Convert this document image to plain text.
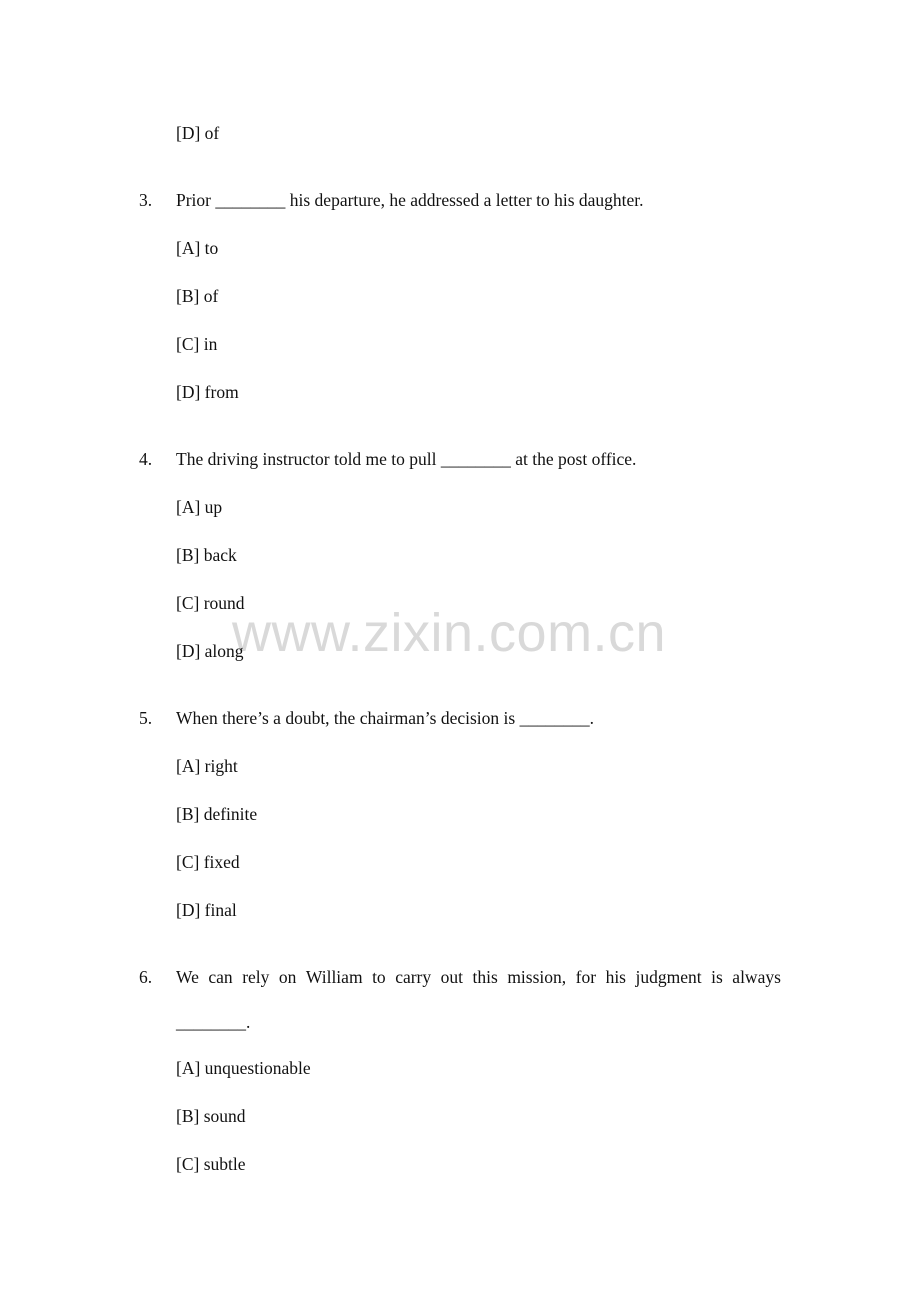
www.zixin.com.cn
[D] of
3. Prior ________ his departure, he addressed a letter to his daughter.
[A] to
[B] of
[C] in
[D] from
4. The driving instructor told me to pull ________ at the post office.
[A] up
[B] back
[C] round
[D] along
5. When there’s a doubt, the chairman’s decision is ________.
[A] right
[B] definite
[C] fixed
[D] final
6. We can rely on William to carry out this mission, for his judgment is always
________.
[A] unquestionable
[B] sound
[C] subtle
